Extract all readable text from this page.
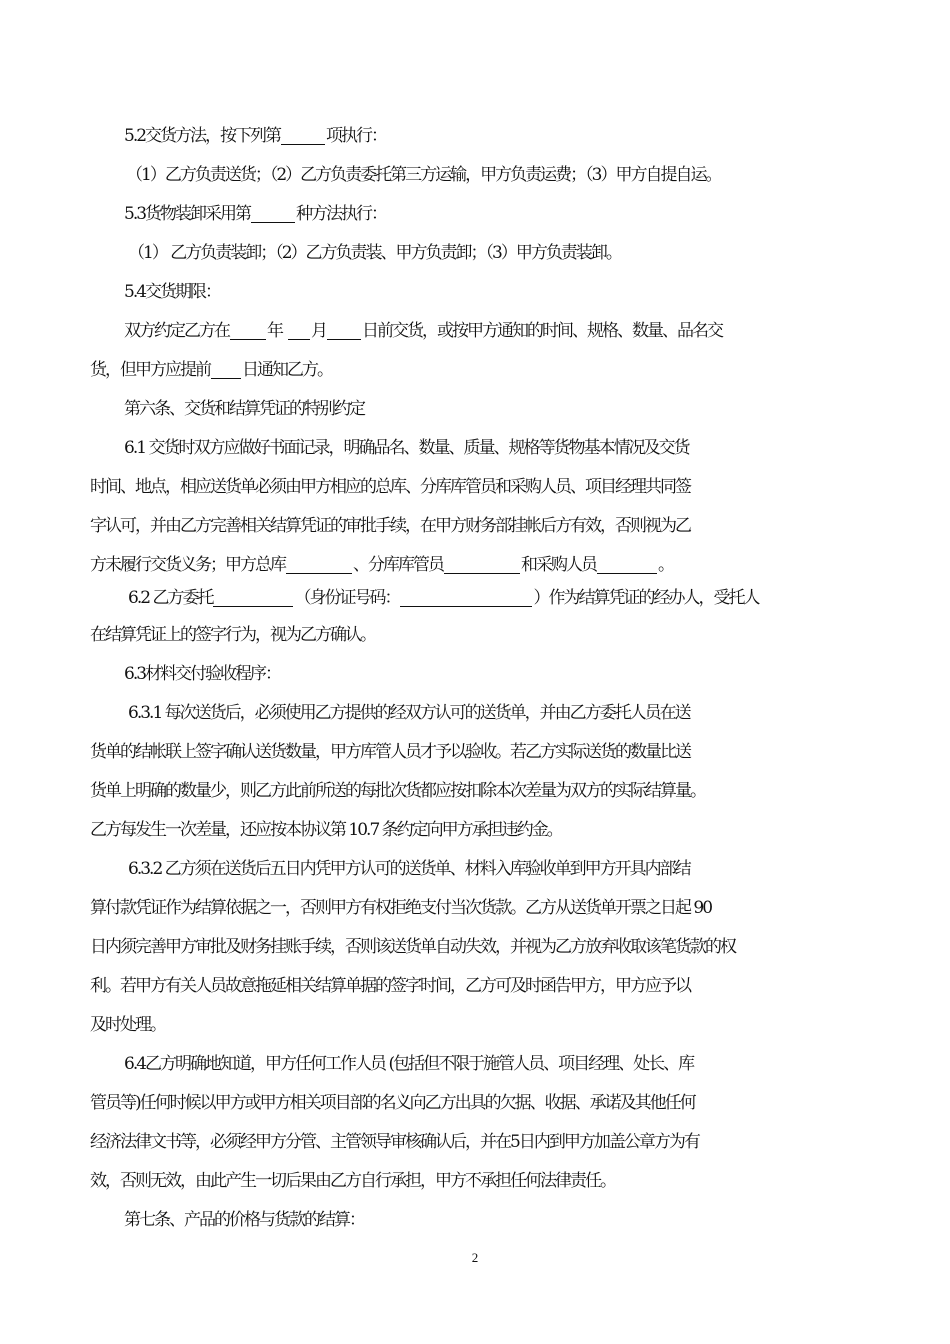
5.2交货方法，按下列第	项执行：
（1）乙方负责送货；（2）乙方负责委托第三方运输，甲方负责运费；（3）甲方自提自运。
5.3货物装卸采用第	种方法执行：
（1） 乙方负责装卸；（2）乙方负责装、甲方负责卸；（3）甲方负责装卸。
5.4交货期限：
双方约定乙方在 年 月 日前交货，或按甲方通知的时间、规格、数量、品名交
货，但甲方应提前 日通知乙方。
第六条、交货和结算凭证的特别约定
6.1 交货时双方应做好书面记录，明确品名、数量、质量、规格等货物基本情况及交货
时间、地点，相应送货单必须由甲方相应的总库、分库库管员和采购人员、项目经理共同签
字认可，并由乙方完善相关结算凭证的审批手续，在甲方财务部挂帐后方有效，否则视为乙
方未履行交货义务；甲方总库	、分库库管员	和采购人员	。
6.2 乙方委托	（身份证号码：	）作为结算凭证的经办人，受托人
在结算凭证上的签字行为，视为乙方确认。
6.3材料交付验收程序：
6.3.1 每次送货后，必须使用乙方提供的经双方认可的送货单，并由乙方委托人员在送
货单的结帐联上签字确认送货数量，甲方库管人员才予以验收。若乙方实际送货的数量比送
货单上明确的数量少，则乙方此前所送的每批次货都应按扣除本次差量为双方的实际结算量。
乙方每发生一次差量，还应按本协议第 10.7 条约定向甲方承担违约金。
6.3.2 乙方须在送货后五日内凭甲方认可的送货单、材料入库验收单到甲方开具内部结
算付款凭证作为结算依据之一，否则甲方有权拒绝支付当次货款。乙方从送货单开票之日起 90
日内须完善甲方审批及财务挂账手续，否则该送货单自动失效，并视为乙方放弃收取该笔货款的权
利。若甲方有关人员故意拖延相关结算单据的签字时间，乙方可及时函告甲方，甲方应予以
及时处理。
6.4乙方明确地知道，甲方任何工作人员 (包括但不限于施管人员、项目经理、处长、库
管员等)任何时候以甲方或甲方相关项目部的名义向乙方出具的欠据、收据、承诺及其他任何
经济法律文书等，必须经甲方分管、主管领导审核确认后，并在5日内到甲方加盖公章方为有
效，否则无效，由此产生一切后果由乙方自行承担，甲方不承担任何法律责任。
第七条、产品的价格与货款的结算：
2
